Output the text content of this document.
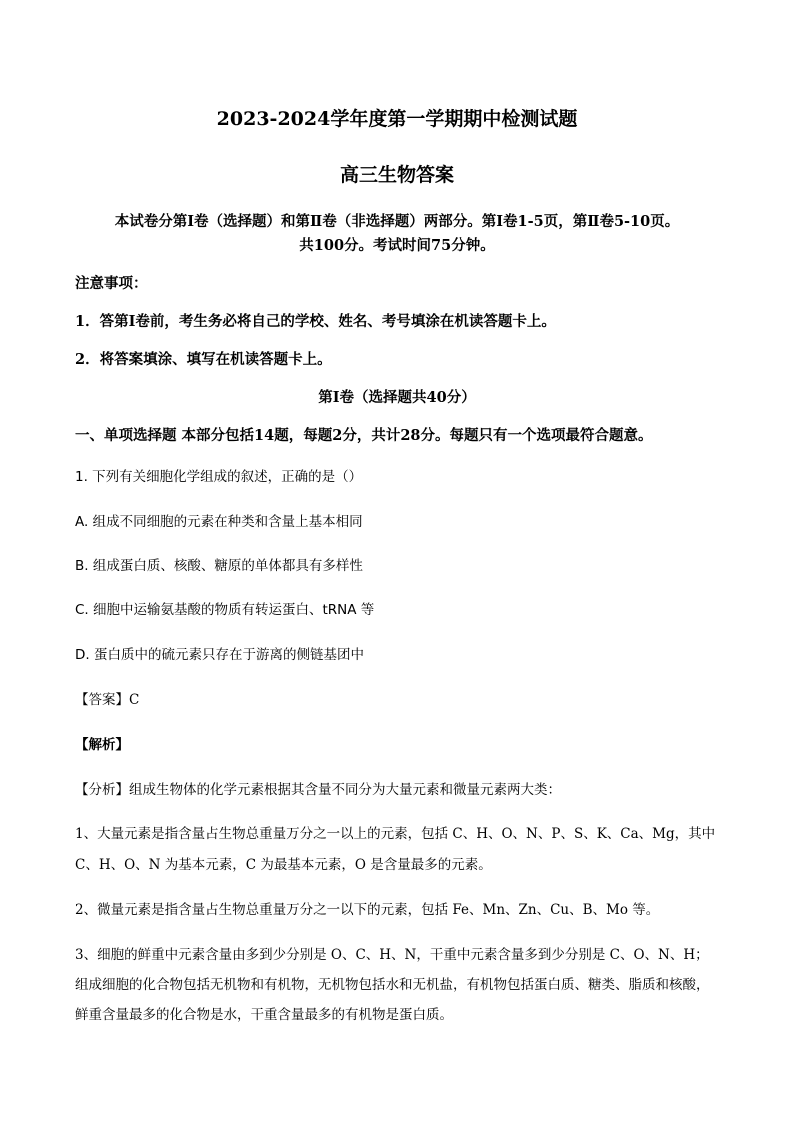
2023-2024学年度第一学期期中检测试题
高三生物答案
本试卷分第Ⅰ卷（选择题）和第Ⅱ卷（非选择题）两部分。第Ⅰ卷1-5页，第Ⅱ卷5-10页。
共100分。考试时间75分钟。
注意事项：
1．答第Ⅰ卷前，考生务必将自己的学校、姓名、考号填涂在机读答题卡上。
2．将答案填涂、填写在机读答题卡上。
第Ⅰ卷（选择题共40分）
一、单项选择题 本部分包括14题，每题2分，共计28分。每题只有一个选项最符合题意。
1. 下列有关细胞化学组成的叙述，正确的是（）
A. 组成不同细胞的元素在种类和含量上基本相同
B. 组成蛋白质、核酸、糖原的单体都具有多样性
C. 细胞中运输氨基酸的物质有转运蛋白、tRNA 等
D. 蛋白质中的硫元素只存在于游离的侧链基团中
【答案】C
【解析】
【分析】组成生物体的化学元素根据其含量不同分为大量元素和微量元素两大类：
1、大量元素是指含量占生物总重量万分之一以上的元素，包括 C、H、O、N、P、S、K、Ca、Mg，其中
C、H、O、N 为基本元素，C 为最基本元素，O 是含量最多的元素。
2、微量元素是指含量占生物总重量万分之一以下的元素，包括 Fe、Mn、Zn、Cu、B、Mo 等。
3、细胞的鲜重中元素含量由多到少分别是 O、C、H、N，干重中元素含量多到少分别是 C、O、N、H；
组成细胞的化合物包括无机物和有机物，无机物包括水和无机盐，有机物包括蛋白质、糖类、脂质和核酸，
鲜重含量最多的化合物是水，干重含量最多的有机物是蛋白质。
